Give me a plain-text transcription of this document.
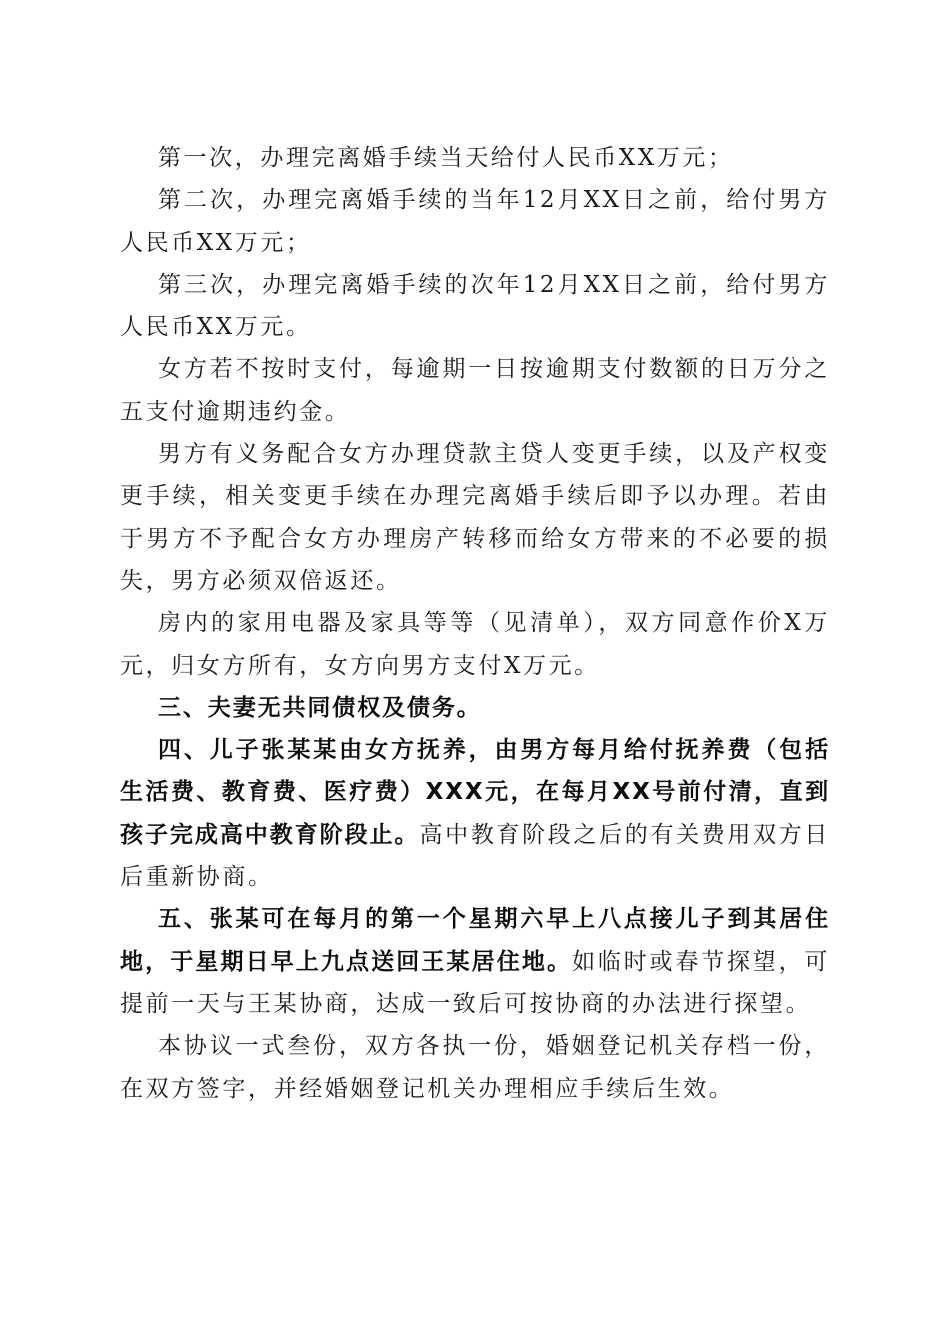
第一次，办理完离婚手续当天给付人民币XX万元；

第二次，办理完离婚手续的当年12月XX日之前，给付男方人民币XX万元；

第三次，办理完离婚手续的次年12月XX日之前，给付男方人民币XX万元。

女方若不按时支付，每逾期一日按逾期支付数额的日万分之五支付逾期违约金。

男方有义务配合女方办理贷款主贷人变更手续，以及产权变更手续，相关变更手续在办理完离婚手续后即予以办理。若由于男方不予配合女方办理房产转移而给女方带来的不必要的损失，男方必须双倍返还。

房内的家用电器及家具等等（见清单），双方同意作价X万元，归女方所有，女方向男方支付X万元。

三、夫妻无共同债权及债务。

四、儿子张某某由女方抚养，由男方每月给付抚养费（包括生活费、教育费、医疗费）XXX元，在每月XX号前付清，直到孩子完成高中教育阶段止。高中教育阶段之后的有关费用双方日后重新协商。

五、张某可在每月的第一个星期六早上八点接儿子到其居住地，于星期日早上九点送回王某居住地。如临时或春节探望，可提前一天与王某协商，达成一致后可按协商的办法进行探望。

本协议一式叁份，双方各执一份，婚姻登记机关存档一份，在双方签字，并经婚姻登记机关办理相应手续后生效。
